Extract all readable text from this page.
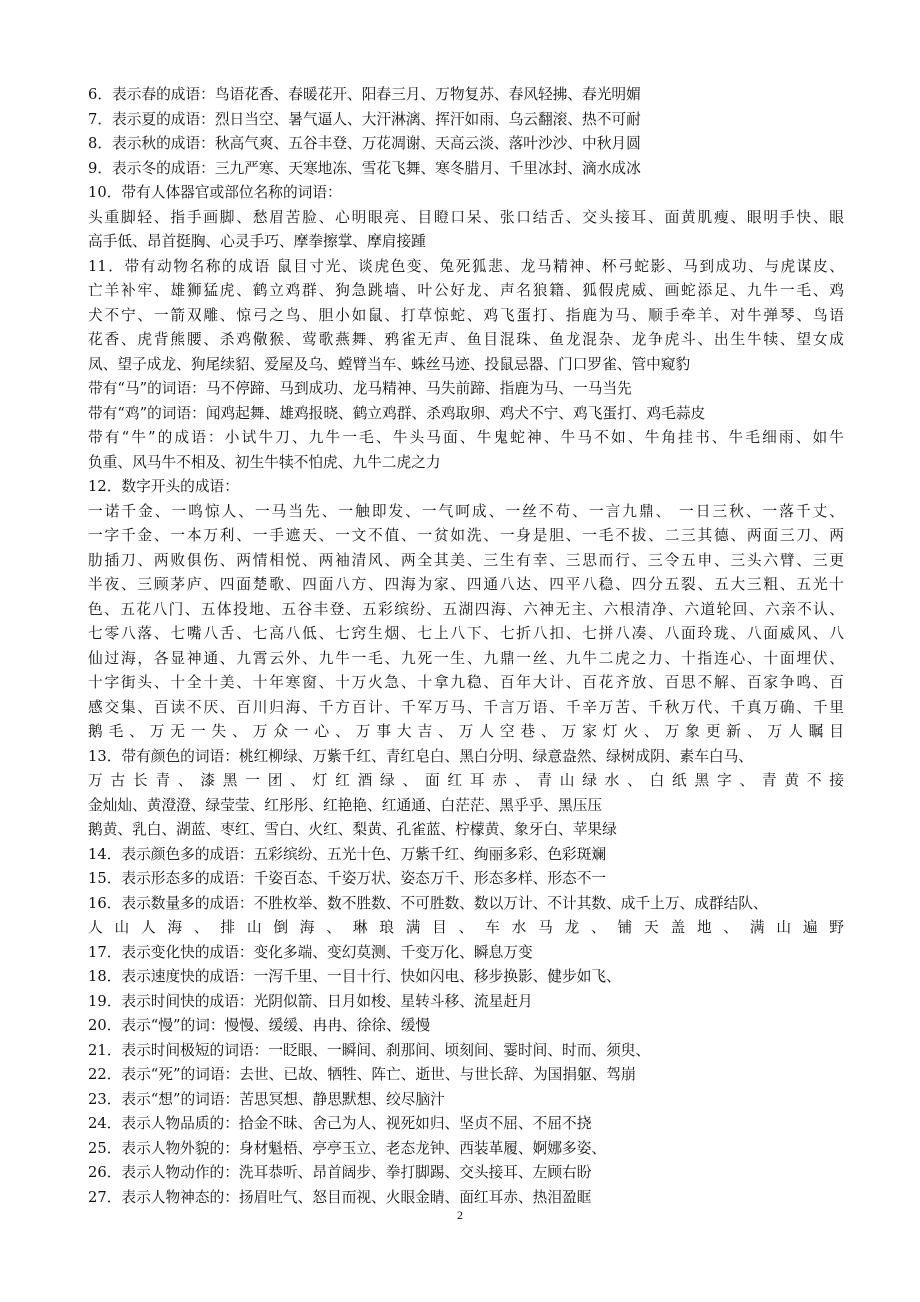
6．表示春的成语：鸟语花香、春暖花开、阳春三月、万物复苏、春风轻拂、春光明媚
7．表示夏的成语：烈日当空、暑气逼人、大汗淋漓、挥汗如雨、乌云翻滚、热不可耐
8．表示秋的成语：秋高气爽、五谷丰登、万花凋谢、天高云淡、落叶沙沙、中秋月圆
9．表示冬的成语：三九严寒、天寒地冻、雪花飞舞、寒冬腊月、千里冰封、滴水成冰
10．带有人体器官或部位名称的词语：
头重脚轻、指手画脚、愁眉苦脸、心明眼亮、目瞪口呆、张口结舌、交头接耳、面黄肌瘦、眼明手快、眼
高手低、昂首挺胸、心灵手巧、摩拳擦掌、摩肩接踵
11．带有动物名称的成语 鼠目寸光、谈虎色变、兔死狐悲、龙马精神、杯弓蛇影、马到成功、与虎谋皮、
亡羊补牢、雄狮猛虎、鹤立鸡群、狗急跳墙、叶公好龙、声名狼籍、狐假虎威、画蛇添足、九牛一毛、鸡
犬不宁、一箭双雕、惊弓之鸟、胆小如鼠、打草惊蛇、鸡飞蛋打、指鹿为马、顺手牵羊、对牛弹琴、鸟语
花香、虎背熊腰、杀鸡儆猴、莺歌燕舞、鸦雀无声、鱼目混珠、鱼龙混杂、龙争虎斗、出生牛犊、望女成
凤、望子成龙、狗尾续貂、爱屋及乌、螳臂当车、蛛丝马迹、投鼠忌器、门口罗雀、管中窥豹
带有“马”的词语：马不停蹄、马到成功、龙马精神、马失前蹄、指鹿为马、一马当先
带有“鸡”的词语：闻鸡起舞、雄鸡报晓、鹤立鸡群、杀鸡取卵、鸡犬不宁、鸡飞蛋打、鸡毛蒜皮
带有“牛”的成语：小试牛刀、九牛一毛、牛头马面、牛鬼蛇神、牛马不如、牛角挂书、牛毛细雨、如牛
负重、风马牛不相及、初生牛犊不怕虎、九牛二虎之力
12．数字开头的成语：
一诺千金、一鸣惊人、一马当先、一触即发、一气呵成、一丝不苟、一言九鼎、 一日三秋、一落千丈、
一字千金、一本万利、一手遮天、一文不值、一贫如洗、一身是胆、一毛不拔、二三其德、两面三刀、两
肋插刀、两败俱伤、两情相悦、两袖清风、两全其美、三生有幸、三思而行、三令五申、三头六臂、三更
半夜、三顾茅庐、四面楚歌、四面八方、四海为家、四通八达、四平八稳、四分五裂、五大三粗、五光十
色、五花八门、五体投地、五谷丰登、五彩缤纷、五湖四海、六神无主、六根清净、六道轮回、六亲不认、
七零八落、七嘴八舌、七高八低、七窍生烟、七上八下、七折八扣、七拼八凑、八面玲珑、八面威风、八
仙过海，各显神通、九霄云外、九牛一毛、九死一生、九鼎一丝、九牛二虎之力、十指连心、十面埋伏、
十字街头、十全十美、十年寒窗、十万火急、十拿九稳、百年大计、百花齐放、百思不解、百家争鸣、百
感交集、百读不厌、百川归海、千方百计、千军万马、千言万语、千辛万苦、千秋万代、千真万确、千里
鹅毛、万无一失、万众一心、万事大吉、万人空巷、万家灯火、万象更新、万人瞩目
13．带有颜色的词语：桃红柳绿、万紫千红、青红皂白、黑白分明、绿意盎然、绿树成阴、素车白马、
万古长青、漆黑一团、灯红酒绿、面红耳赤、青山绿水、白纸黑字、青黄不接
金灿灿、黄澄澄、绿莹莹、红彤彤、红艳艳、红通通、白茫茫、黑乎乎、黑压压
鹅黄、乳白、湖蓝、枣红、雪白、火红、梨黄、孔雀蓝、柠檬黄、象牙白、苹果绿
14．表示颜色多的成语：五彩缤纷、五光十色、万紫千红、绚丽多彩、色彩斑斓
15．表示形态多的成语：千姿百态、千姿万状、姿态万千、形态多样、形态不一
16．表示数量多的成语：不胜枚举、数不胜数、不可胜数、数以万计、不计其数、成千上万、成群结队、
人山人海、排山倒海、琳琅满目、车水马龙、铺天盖地、满山遍野
17．表示变化快的成语：变化多端、变幻莫测、千变万化、瞬息万变
18．表示速度快的成语：一泻千里、一目十行、快如闪电、移步换影、健步如飞、
19．表示时间快的成语：光阴似箭、日月如梭、星转斗移、流星赶月
20．表示“慢”的词：慢慢、缓缓、冉冉、徐徐、缓慢
21．表示时间极短的词语：一眨眼、一瞬间、刹那间、顷刻间、霎时间、时而、须臾、
22．表示“死”的词语：去世、已故、牺牲、阵亡、逝世、与世长辞、为国捐躯、驾崩
23．表示“想”的词语：苦思冥想、静思默想、绞尽脑汁
24．表示人物品质的：拾金不昧、舍己为人、视死如归、坚贞不屈、不屈不挠
25．表示人物外貌的：身材魁梧、亭亭玉立、老态龙钟、西装革履、婀娜多姿、
26．表示人物动作的：洗耳恭听、昂首阔步、拳打脚踢、交头接耳、左顾右盼
27．表示人物神态的：扬眉吐气、怒目而视、火眼金睛、面红耳赤、热泪盈眶
2
